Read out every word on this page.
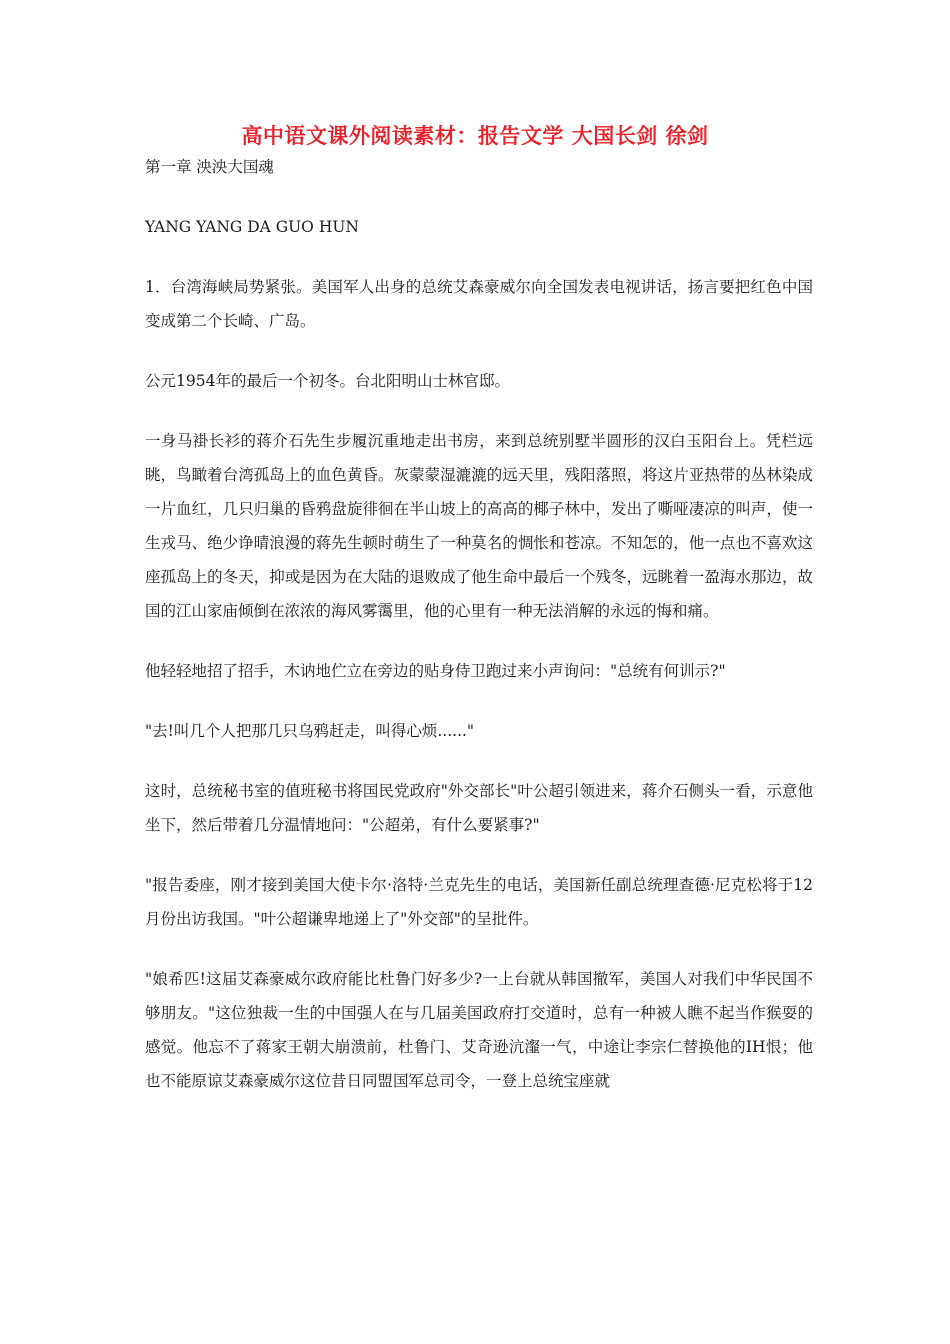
高中语文课外阅读素材：报告文学 大国长剑 徐剑

第一章 泱泱大国魂

YANG YANG DA GUO HUN

1．台湾海峡局势紧张。美国军人出身的总统艾森豪威尔向全国发表电视讲话，扬言要把红色中国变成第二个长崎、广岛。

公元1954年的最后一个初冬。台北阳明山士林官邸。

一身马褂长衫的蒋介石先生步履沉重地走出书房，来到总统别墅半圆形的汉白玉阳台上。凭栏远眺，鸟瞰着台湾孤岛上的血色黄昏。灰蒙蒙湿漉漉的远天里，残阳落照，将这片亚热带的丛林染成一片血红，几只归巢的昏鸦盘旋徘徊在半山坡上的高高的椰子林中，发出了嘶哑凄凉的叫声，使一生戎马、绝少诤晴浪漫的蒋先生顿时萌生了一种莫名的惆怅和苍凉。不知怎的，他一点也不喜欢这座孤岛上的冬天，抑或是因为在大陆的退败成了他生命中最后一个残冬，远眺着一盈海水那边，故国的江山家庙倾倒在浓浓的海风雾霭里，他的心里有一种无法消解的永远的悔和痛。

他轻轻地招了招手，木讷地伫立在旁边的贴身侍卫跑过来小声询问："总统有何训示?"

"去!叫几个人把那几只乌鸦赶走，叫得心烦......"

这时，总统秘书室的值班秘书将国民党政府"外交部长"叶公超引领进来，蒋介石侧头一看，示意他坐下，然后带着几分温情地问："公超弟，有什么要紧事?"

"报告委座，刚才接到美国大使卡尔·洛特·兰克先生的电话，美国新任副总统理查德·尼克松将于12月份出访我国。"叶公超谦卑地递上了"外交部"的呈批件。

"娘希匹!这届艾森豪威尔政府能比杜鲁门好多少?一上台就从韩国撤军，美国人对我们中华民国不够朋友。"这位独裁一生的中国强人在与几届美国政府打交道时，总有一种被人瞧不起当作猴耍的感觉。他忘不了蒋家王朝大崩溃前，杜鲁门、艾奇逊沆瀣一气，中途让李宗仁替换他的IH恨；他也不能原谅艾森豪威尔这位昔日同盟国军总司令，一登上总统宝座就
